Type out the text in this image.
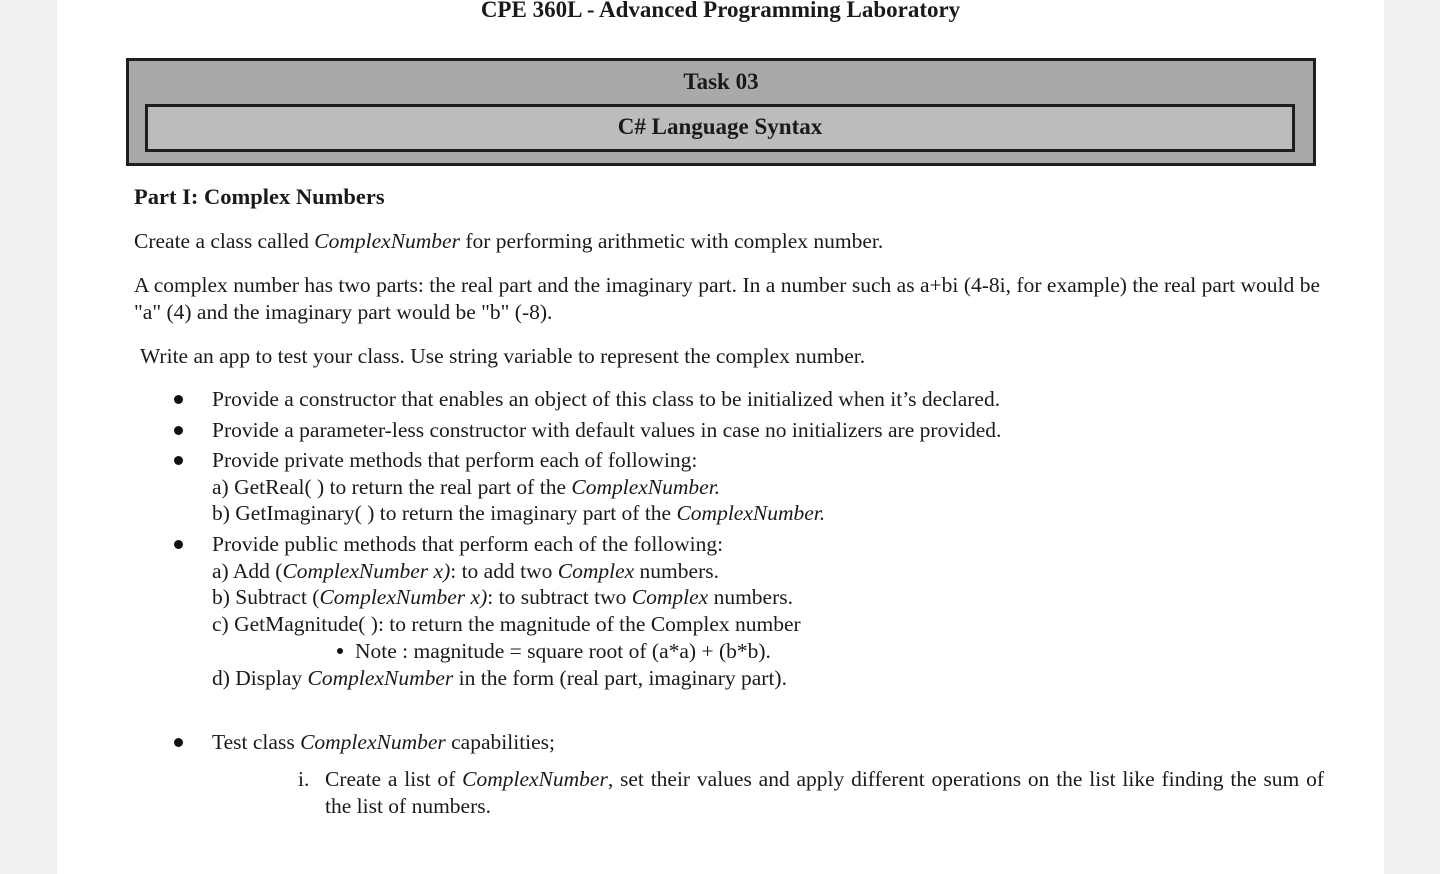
CPE 360L - Advanced Programming Laboratory
Task 03
C# Language Syntax
Part I: Complex Numbers
Create a class called ComplexNumber for performing arithmetic with complex number.
A complex number has two parts: the real part and the imaginary part. In a number such as a+bi (4-8i, for example) the real part would be "a" (4) and the imaginary part would be "b" (-8).
Write an app to test your class. Use string variable to represent the complex number.
Provide a constructor that enables an object of this class to be initialized when it’s declared.
Provide a parameter-less constructor with default values in case no initializers are provided.
Provide private methods that perform each of following:
a) GetReal( ) to return the real part of the ComplexNumber.
b) GetImaginary( ) to return the imaginary part of the ComplexNumber.
Provide public methods that perform each of the following:
a) Add (ComplexNumber x): to add two Complex numbers.
b) Subtract (ComplexNumber x): to subtract two Complex numbers.
c) GetMagnitude( ): to return the magnitude of the Complex number
Note : magnitude = square root of (a*a) + (b*b).
d) Display ComplexNumber in the form (real part, imaginary part).
Test class ComplexNumber capabilities;
i. Create a list of ComplexNumber, set their values and apply different operations on the list like finding the sum of the list of numbers.
